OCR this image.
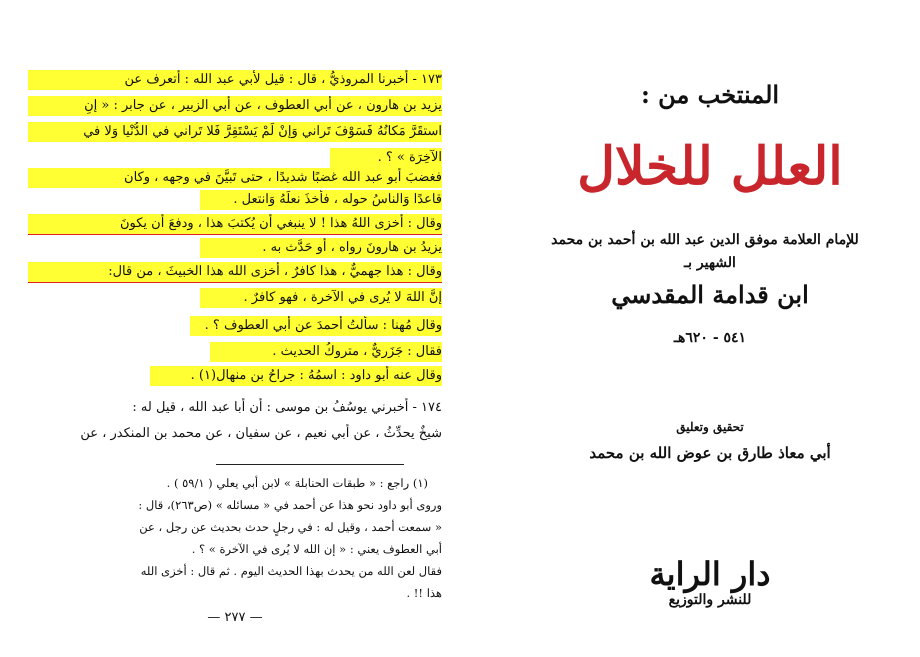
١٧٣ - أخبرنا المروذيُّ ، قال : قيل لأبي عبد الله : أتعرف عن
يزيد بن هارون ، عن أبي العطوف ، عن أبي الزبير ، عن جابر : « إنِ
استقَرَّ مَكانُهُ فَسَوْفَ تَراني وَإنْ لَمْ يَسْتَقِرَّ فَلا تَراني في الدُّنْيا وَلا في
الآخِرَة » ؟ .
فغضبَ أبو عبد الله غضبًا شديدًا ، حتى تَبيَّنَ في وجهه ، وكان
قاعدًا وَالناسُ حوله ، فأخذَ نعلَهُ وَانتعل .
وقال : أخزى اللهُ هذا ! لا ينبغي أن يُكتبَ هذا ، ودفعَ أن يكونَ
يزيدُ بن هارونَ رواه ، أو حَدَّث به .
وقال : هذا جهميٌّ ، هذا كافرٌ ، أخزى الله هذا الخبيثَ ، من قال:
إنَّ اللهَ لا يُرى في الآخرة ، فهو كافرٌ .
وقال مُهنا : سألتُ أحمدَ عن أبي العطوف ؟ .
فقال : جَزَريٌّ ، متروكُ الحديث .
وقال عنه أبو داود : اسمُهُ : جراحُ بن منهال(١) .
١٧٤ - أخبرني يوسُفُ بن موسى : أن أبا عبد الله ، قيل له :
شيخٌ يحدِّثُ ، عن أبي نعيم ، عن سفيان ، عن محمد بن المنكدر ، عن
(١) راجع : « طبقات الحنابلة » لابن أبي يعلي ( ٥٩/١ ) .
وروى أبو داود نحو هذا عن أحمد في « مسائله » (ص٢٦٣)، قال :
« سمعت أحمد ، وقيل له : في رجلٍ حدث بحديث عن رجل ، عن
أبي العطوف يعني : « إن الله لا يُرى في الآخرة » ؟ .
فقال لعن الله من يحدث بهذا الحديث اليوم . ثم قال : أخزى الله
هذا !! .
— ٢٧٧ —
المنتخب من :
العلل للخلال
للإمام العلامة موفق الدين عبد الله بن أحمد بن محمد
الشهير بـ
ابن قدامة المقدسي
٥٤١ - ٦٢٠هـ
تحقيق وتعليق
أبي معاذ طارق بن عوض الله بن محمد
دار الراية
للنشر والتوزيع
